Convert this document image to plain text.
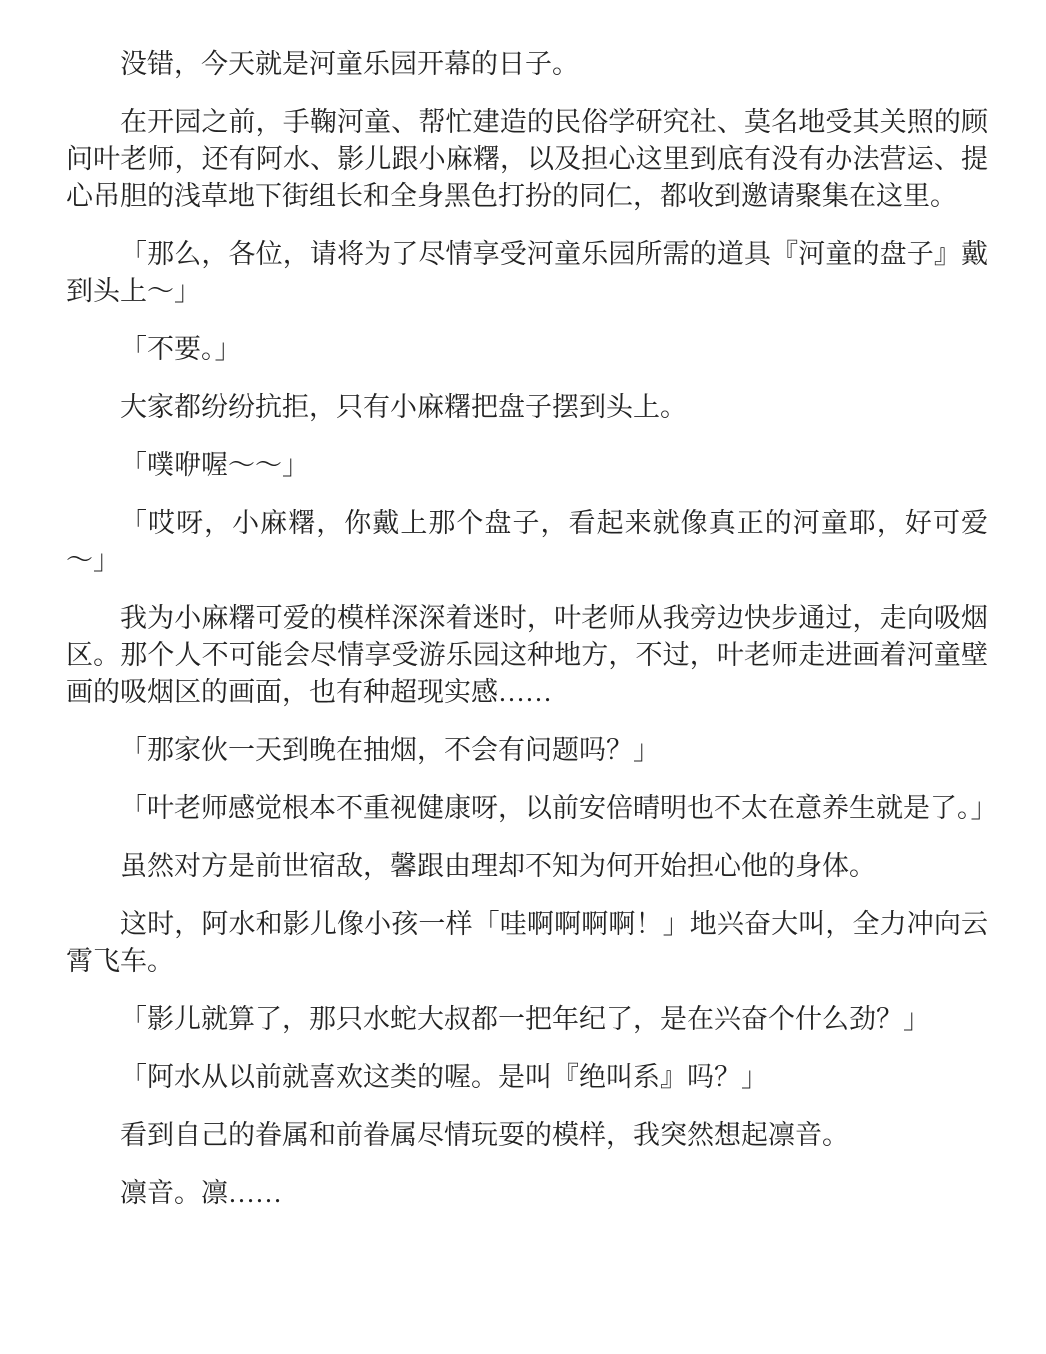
没错，今天就是河童乐园开幕的日子。

在开园之前，手鞠河童、帮忙建造的民俗学研究社、莫名地受其关照的顾问叶老师，还有阿水、影儿跟小麻糬，以及担心这里到底有没有办法营运、提心吊胆的浅草地下街组长和全身黑色打扮的同仁，都收到邀请聚集在这里。

「那么，各位，请将为了尽情享受河童乐园所需的道具『河童的盘子』戴到头上～」

「不要。」

大家都纷纷抗拒，只有小麻糬把盘子摆到头上。

「噗咿喔～～」

「哎呀，小麻糬，你戴上那个盘子，看起来就像真正的河童耶，好可爱～」

我为小麻糬可爱的模样深深着迷时，叶老师从我旁边快步通过，走向吸烟区。那个人不可能会尽情享受游乐园这种地方，不过，叶老师走进画着河童壁画的吸烟区的画面，也有种超现实感……

「那家伙一天到晚在抽烟，不会有问题吗？」

「叶老师感觉根本不重视健康呀，以前安倍晴明也不太在意养生就是了。」

虽然对方是前世宿敌，馨跟由理却不知为何开始担心他的身体。

这时，阿水和影儿像小孩一样「哇啊啊啊啊！」地兴奋大叫，全力冲向云霄飞车。

「影儿就算了，那只水蛇大叔都一把年纪了，是在兴奋个什么劲？」

「阿水从以前就喜欢这类的喔。是叫『绝叫系』吗？」

看到自己的眷属和前眷属尽情玩耍的模样，我突然想起凛音。

凛音。凛……
